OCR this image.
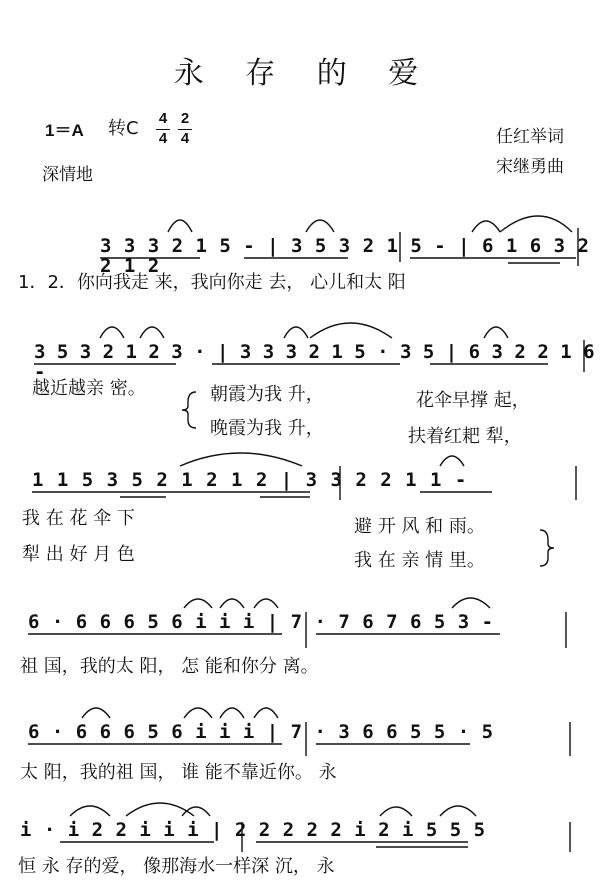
永 存 的 爱
1＝A 转C 4
4
2
4
深情地
任红举词
宋继勇曲
3 3 3 2 1 5 - | 3 5 3 2 1 5 - | 6 1 6 3 2 2 1 2
1．2．你向我走 来，我向你走 去， 心儿和太 阳
3 5 3 2 1 2 3 · | 3 3 3 2 1 5 · 3 5 | 6 3 2 2 1 6 -
越近越亲 密。	朝霞为我 升，	花伞早撑 起，
晚霞为我 升，	扶着红耙 犁，
1 1 5 3 5 2 1 2 1 2 | 3 3 2 2 1 1 -
我 在 花 伞 下	避 开 风 和 雨。
犁 出 好 月 色	我 在 亲 情 里。
6 · 6 6 6 5 6 i i i | 7 · 7 6 7 6 5 3 -
祖 国，我的太 阳， 怎 能和你分 离。
6 · 6 6 6 5 6 i i i | 7 · 3 6 6 5 5 · 5
太 阳，我的祖 国， 谁 能不靠近你。 永
i · i 2 2 i i i | 2 2 2 2 2 i 2 i 5 5 5
恒 永 存的爱， 像那海水一样深 沉， 永
